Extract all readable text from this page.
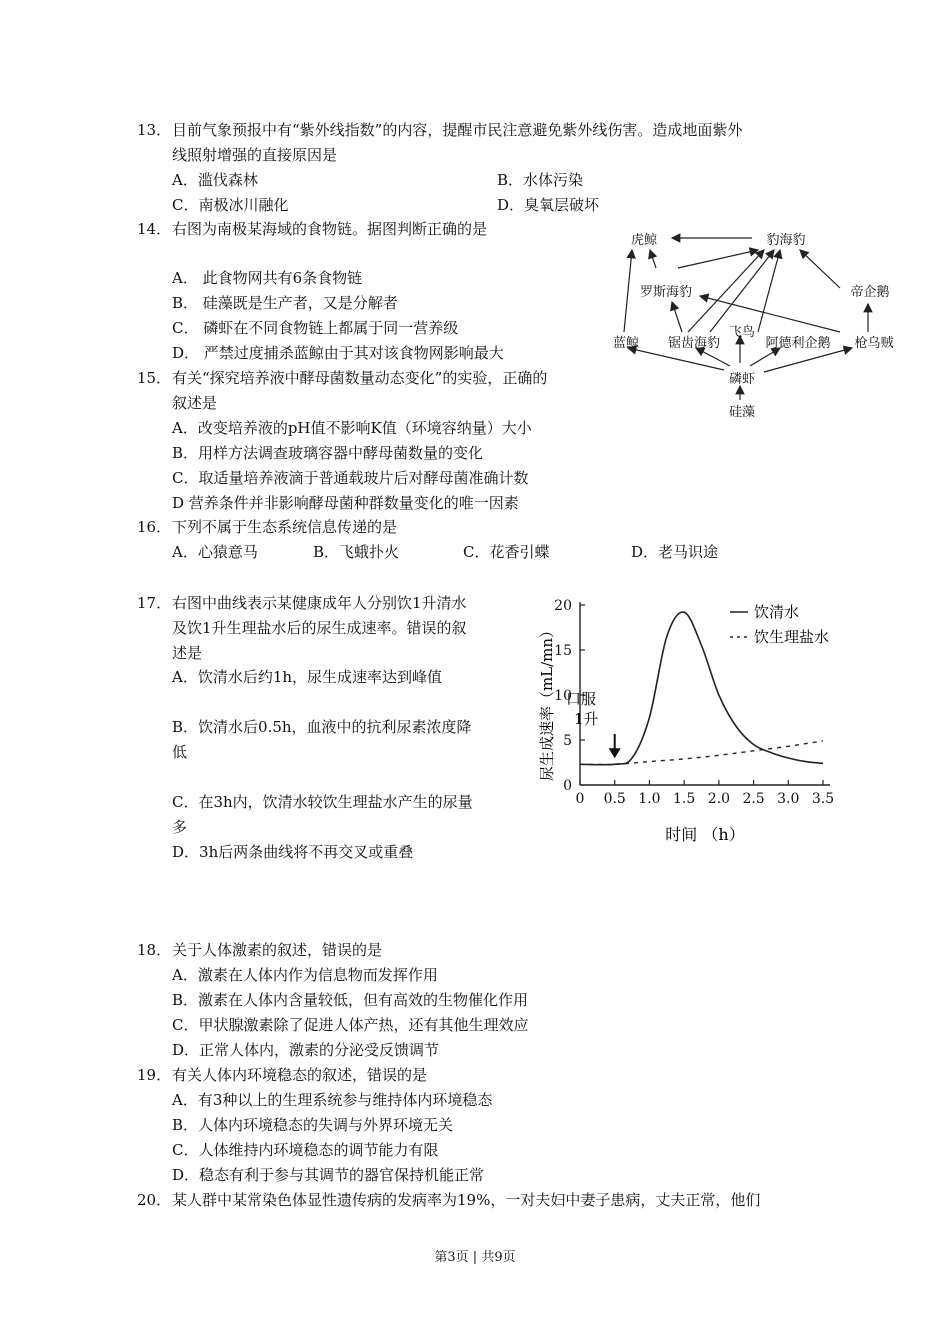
13． 目前气象预报中有“紫外线指数”的内容，提醒市民注意避免紫外线伤害。造成地面紫外
线照射增强的直接原因是
A．滥伐森林	B．水体污染
C．南极冰川融化	D．臭氧层破坏
14． 右图为南极某海域的食物链。据图判断正确的是
A． 此食物网共有6条食物链
B． 硅藻既是生产者，又是分解者
C． 磷虾在不同食物链上都属于同一营养级
D． 严禁过度捕杀蓝鲸由于其对该食物网影响最大
虎鲸	豹海豹
罗斯海豹	帝企鹅
蓝鲸 锯齿海豹
飞鸟
阿德利企鹅 枪乌贼
磷虾
硅藻
15． 有关“探究培养液中酵母菌数量动态变化”的实验，正确的
叙述是
A．改变培养液的pH值不影响K值（环境容纳量）大小
B．用样方法调查玻璃容器中酵母菌数量的变化
C．取适量培养液滴于普通载玻片后对酵母菌准确计数
D 营养条件并非影响酵母菌种群数量变化的唯一因素
16． 下列不属于生态系统信息传递的是
A．心猿意马	B．飞蛾扑火	C．花香引蝶	D．老马识途
17． 右图中曲线表示某健康成年人分别饮1升清水
及饮1升生理盐水后的尿生成速率。错误的叙
述是
A．饮清水后约1h，尿生成速率达到峰值
B．饮清水后0.5h，血液中的抗利尿素浓度降
低
C．在3h内，饮清水较饮生理盐水产生的尿量
多
D．3h后两条曲线将不再交叉或重叠
0 0.5 1.0 1.5 2.0 2.5 3.0 3.5
0
5
10
15
20
口服
1升
饮清水
饮生理盐水
尿生成速率（mL/mn）
时间 （h）
18． 关于人体激素的叙述，错误的是
A．激素在人体内作为信息物而发挥作用
B．激素在人体内含量较低，但有高效的生物催化作用
C．甲状腺激素除了促进人体产热，还有其他生理效应
D．正常人体内，激素的分泌受反馈调节
19． 有关人体内环境稳态的叙述，错误的是
A．有3种以上的生理系统参与维持体内环境稳态
B．人体内环境稳态的失调与外界环境无关
C．人体维持内环境稳态的调节能力有限
D．稳态有利于参与其调节的器官保持机能正常
20． 某人群中某常染色体显性遗传病的发病率为19%，一对夫妇中妻子患病，丈夫正常，他们
第3页 | 共9页
